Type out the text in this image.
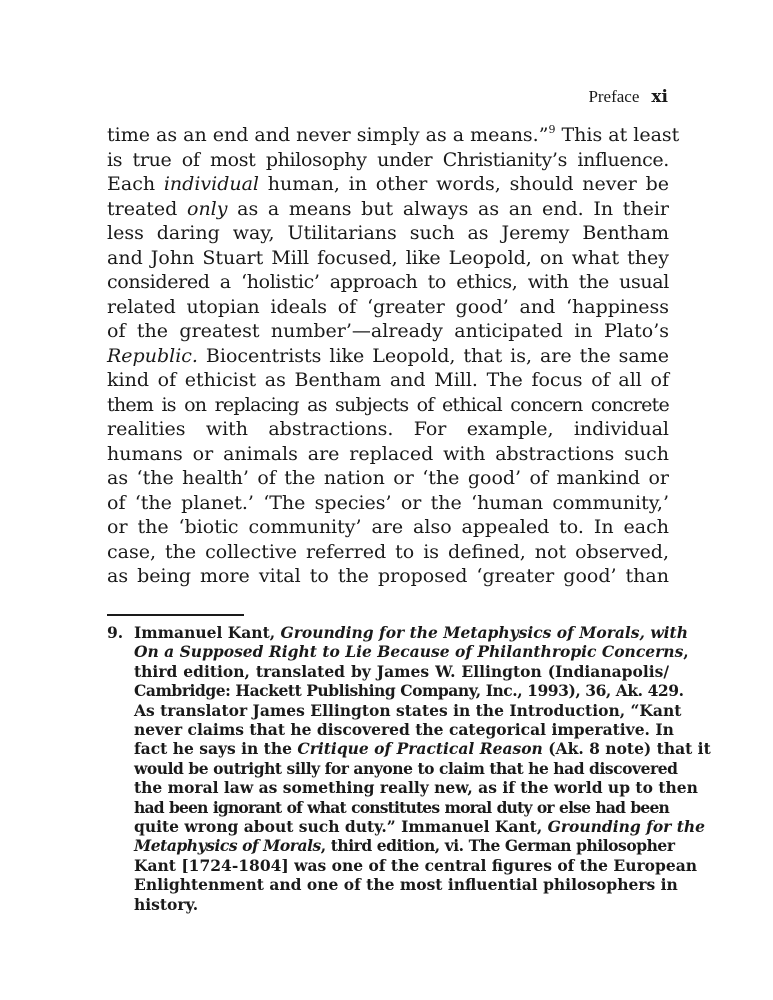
Preface xi
time as an end and never simply as a means.”$^9$ This at least
is true of most philosophy under Christianity’s influence.
Each individual human, in other words, should never be
treated only as a means but always as an end. In their
less daring way, Utilitarians such as Jeremy Bentham
and John Stuart Mill focused, like Leopold, on what they
considered a ‘holistic’ approach to ethics, with the usual
related utopian ideals of ‘greater good’ and ‘happiness
of the greatest number’—already anticipated in Plato’s
Republic. Biocentrists like Leopold, that is, are the same
kind of ethicist as Bentham and Mill. The focus of all of
them is on replacing as subjects of ethical concern concrete
realities with abstractions. For example, individual
humans or animals are replaced with abstractions such
as ‘the health’ of the nation or ‘the good’ of mankind or
of ‘the planet.’ ‘The species’ or the ‘human community,’
or the ‘biotic community’ are also appealed to. In each
case, the collective referred to is defined, not observed,
as being more vital to the proposed ‘greater good’ than
9. Immanuel Kant, Grounding for the Metaphysics of Morals, with
On a Supposed Right to Lie Because of Philanthropic Concerns,
third edition, translated by James W. Ellington (Indianapolis/
Cambridge: Hackett Publishing Company, Inc., 1993), 36, Ak. 429.
As translator James Ellington states in the Introduction, “Kant
never claims that he discovered the categorical imperative. In
fact he says in the Critique of Practical Reason (Ak. 8 note) that it
would be outright silly for anyone to claim that he had discovered
the moral law as something really new, as if the world up to then
had been ignorant of what constitutes moral duty or else had been
quite wrong about such duty.” Immanuel Kant, Grounding for the
Metaphysics of Morals, third edition, vi. The German philosopher
Kant [1724-1804] was one of the central figures of the European
Enlightenment and one of the most influential philosophers in
history.
